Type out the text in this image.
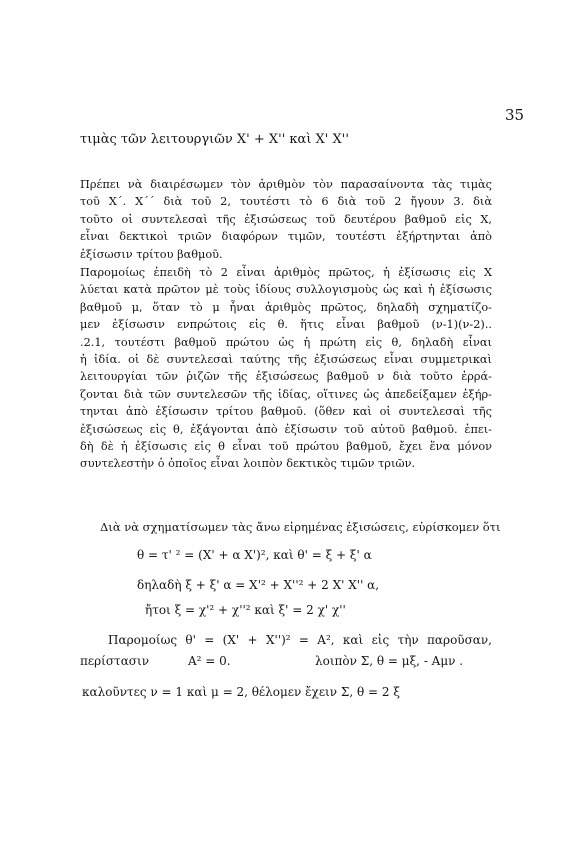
35
τιμὰς τῶν λειτουργιῶν X' + X'' καὶ X' X''
Πρέπει νὰ διαιρέσωμεν τὸν ἀριθμὸν τὸν παρασαίνοντα τὰς τιμὰς
τοῦ X΄. X΄΄ διὰ τοῦ 2, τουτέστι τὸ 6 διὰ τοῦ 2 ἤγουν 3. διὰ
τοῦτο οἱ συντελεσαὶ τῆς ἐξισώσεως τοῦ δευτέρου βαθμοῦ εἰς X,
εἶναι δεκτικοὶ τριῶν διαφόρων τιμῶν, τουτέστι ἐξήρτηνται ἀπὸ
ἐξίσωσιν τρίτου βαθμοῦ.
Παρομοίως ἐπειδὴ τὸ 2 εἶναι ἀριθμὸς πρῶτος, ἡ ἐξίσωσις εἰς X
λύεται κατὰ πρῶτον μὲ τοὺς ἰδίους συλλογισμοὺς ὡς καὶ ἡ ἐξίσωσις
βαθμοῦ μ, ὅταν τὸ μ ἦναι ἀριθμὸς πρῶτος, δηλαδὴ σχηματίζο-
μεν ἐξίσωσιν ενπρώτοις εἰς θ. ἥτις εἶναι βαθμοῦ (ν-1)(ν-2)..
.2.1, τουτέστι βαθμοῦ πρώτου ὡς ἡ πρώτη εἰς θ, δηλαδὴ εἶναι
ἡ ἰδία. οἱ δὲ συντελεσαὶ ταύτης τῆς ἐξισώσεως εἶναι συμμετρικαὶ
λειτουργίαι τῶν ῥιζῶν τῆς ἐξισώσεως βαθμοῦ ν διὰ τοῦτο ἐρρά-
ζονται διὰ τῶν συντελεσῶν τῆς ἰδίας, οἵτινες ὡς ἀπεδείξαμεν ἐξήρ-
τηνται ἀπὸ ἐξίσωσιν τρίτου βαθμοῦ. (ὅθεν καὶ οἱ συντελεσαὶ τῆς
ἐξισώσεως εἰς θ, ἐξάγονται ἀπὸ ἐξίσωσιν τοῦ αὐτοῦ βαθμοῦ. ἐπει-
δὴ δὲ ἡ ἐξίσωσις εἰς θ εἶναι τοῦ πρώτου βαθμοῦ, ἔχει ἕνα μόνον
συντελεστὴν ὁ ὁποῖος εἶναι λοιπὸν δεκτικὸς τιμῶν τριῶν.
Διὰ νὰ σχηματίσωμεν τὰς ἄνω εἰρημένας ἐξισώσεις, εὑρίσκομεν ὅτι
θ = τ' ² = (X' + α X')², καὶ θ' = ξ + ξ' α
δηλαδὴ ξ + ξ' α = X'² + X''² + 2 X' X'' α,
ἤτοι ξ = χ'² + χ''² καὶ ξ' = 2 χ' χ''
Παρομοίως θ' = (X' + X'')² = A², καὶ εἰς τὴν παροῦσαν,
περίστασιν	A² = 0.	λοιπὸν Σ, θ = μξ, - Aμν .
καλοῦντες ν = 1 καὶ μ = 2, θέλομεν ἔχειν Σ, θ = 2 ξ
